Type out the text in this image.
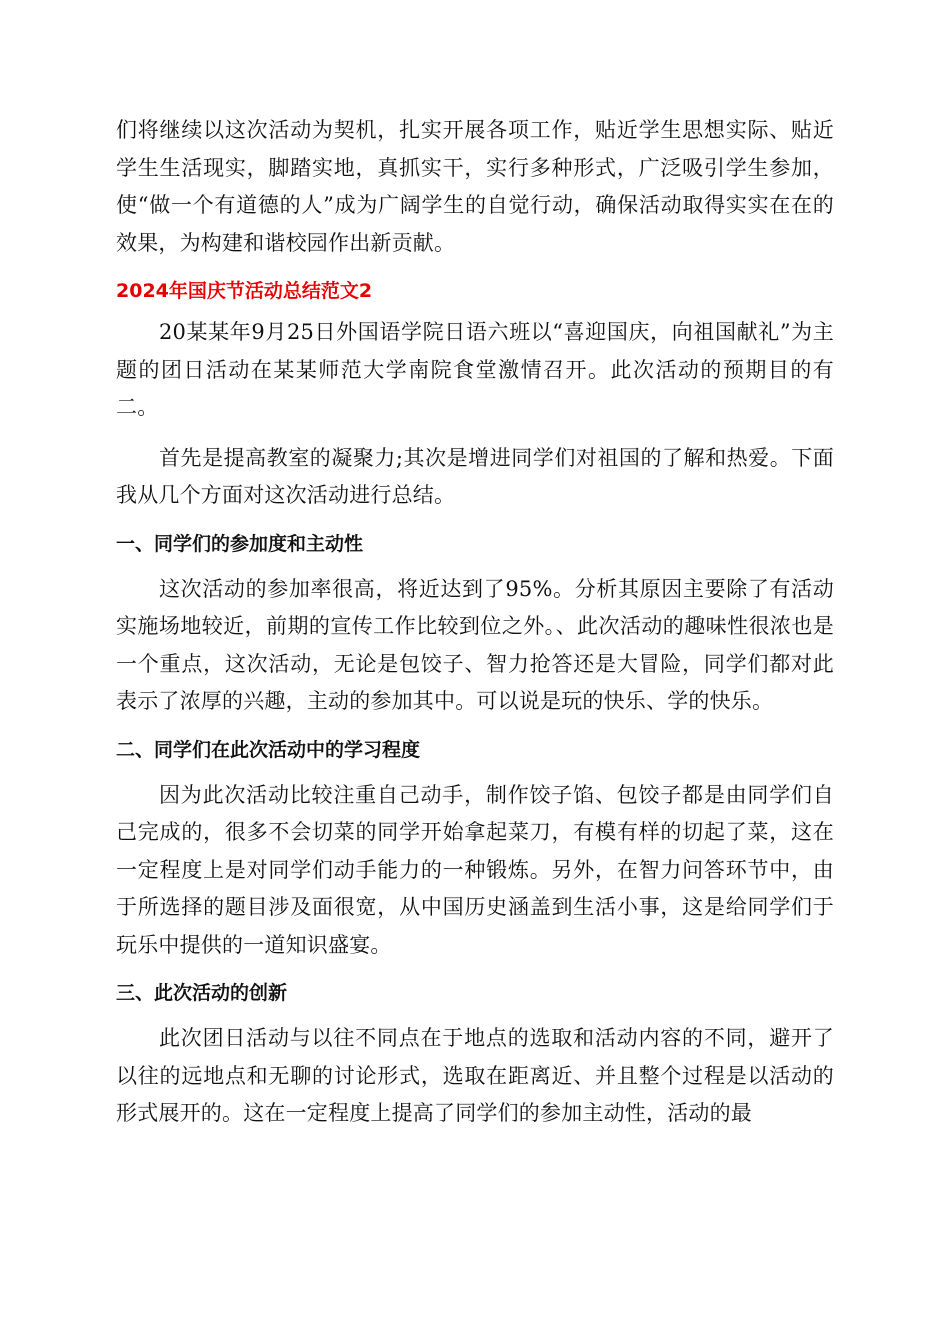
们将继续以这次活动为契机，扎实开展各项工作，贴近学生思想实际、贴近学生生活现实，脚踏实地，真抓实干，实行多种形式，广泛吸引学生参加，使“做一个有道德的人”成为广阔学生的自觉行动，确保活动取得实实在在的效果，为构建和谐校园作出新贡献。

2024年国庆节活动总结范文2

20某某年9月25日外国语学院日语六班以“喜迎国庆，向祖国献礼”为主题的团日活动在某某师范大学南院食堂激情召开。此次活动的预期目的有二。

首先是提高教室的凝聚力;其次是增进同学们对祖国的了解和热爱。下面我从几个方面对这次活动进行总结。

一、同学们的参加度和主动性

这次活动的参加率很高，将近达到了95%。分析其原因主要除了有活动实施场地较近，前期的宣传工作比较到位之外。、此次活动的趣味性很浓也是一个重点，这次活动，无论是包饺子、智力抢答还是大冒险，同学们都对此表示了浓厚的兴趣，主动的参加其中。可以说是玩的快乐、学的快乐。

二、同学们在此次活动中的学习程度

因为此次活动比较注重自己动手，制作饺子馅、包饺子都是由同学们自己完成的，很多不会切菜的同学开始拿起菜刀，有模有样的切起了菜，这在一定程度上是对同学们动手能力的一种锻炼。另外，在智力问答环节中，由于所选择的题目涉及面很宽，从中国历史涵盖到生活小事，这是给同学们于玩乐中提供的一道知识盛宴。

三、此次活动的创新

此次团日活动与以往不同点在于地点的选取和活动内容的不同，避开了以往的远地点和无聊的讨论形式，选取在距离近、并且整个过程是以活动的形式展开的。这在一定程度上提高了同学们的参加主动性，活动的最
